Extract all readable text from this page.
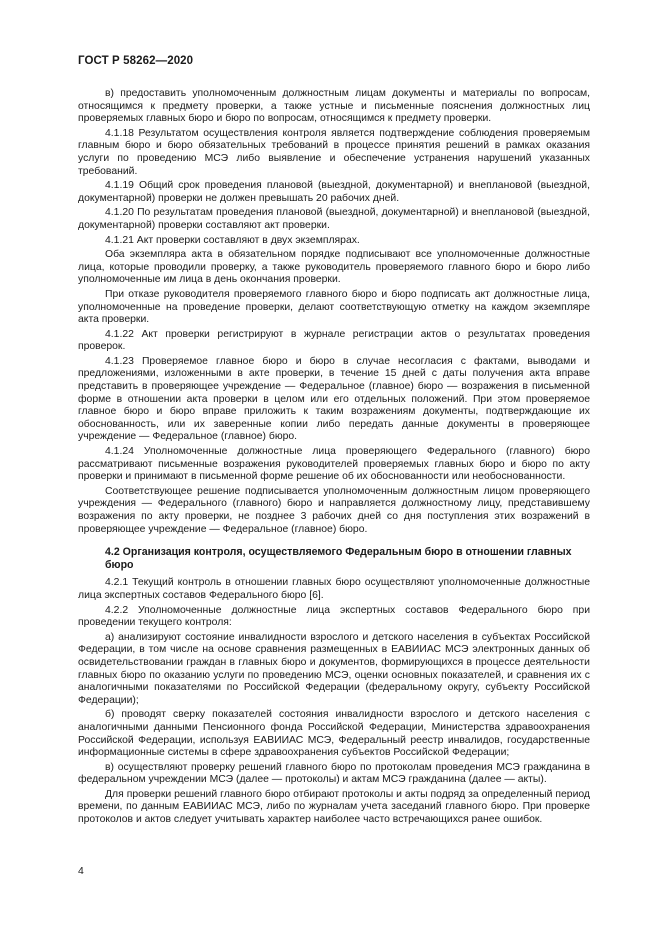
ГОСТ Р 58262—2020

в) предоставить уполномоченным должностным лицам документы и материалы по вопросам, относящимся к предмету проверки, а также устные и письменные пояснения должностных лиц проверяемых главных бюро и бюро по вопросам, относящимся к предмету проверки.

4.1.18 Результатом осуществления контроля является подтверждение соблюдения проверяемым главным бюро и бюро обязательных требований в процессе принятия решений в рамках оказания услуги по проведению МСЭ либо выявление и обеспечение устранения нарушений указанных требований.

4.1.19 Общий срок проведения плановой (выездной, документарной) и внеплановой (выездной, документарной) проверки не должен превышать 20 рабочих дней.

4.1.20 По результатам проведения плановой (выездной, документарной) и внеплановой (выездной, документарной) проверки составляют акт проверки.

4.1.21 Акт проверки составляют в двух экземплярах.

Оба экземпляра акта в обязательном порядке подписывают все уполномоченные должностные лица, которые проводили проверку, а также руководитель проверяемого главного бюро и бюро либо уполномоченные им лица в день окончания проверки.

При отказе руководителя проверяемого главного бюро и бюро подписать акт должностные лица, уполномоченные на проведение проверки, делают соответствующую отметку на каждом экземпляре акта проверки.

4.1.22 Акт проверки регистрируют в журнале регистрации актов о результатах проведения проверок.

4.1.23 Проверяемое главное бюро и бюро в случае несогласия с фактами, выводами и предложениями, изложенными в акте проверки, в течение 15 дней с даты получения акта вправе представить в проверяющее учреждение — Федеральное (главное) бюро — возражения в письменной форме в отношении акта проверки в целом или его отдельных положений. При этом проверяемое главное бюро и бюро вправе приложить к таким возражениям документы, подтверждающие их обоснованность, или их заверенные копии либо передать данные документы в проверяющее учреждение — Федеральное (главное) бюро.

4.1.24 Уполномоченные должностные лица проверяющего Федерального (главного) бюро рассматривают письменные возражения руководителей проверяемых главных бюро и бюро по акту проверки и принимают в письменной форме решение об их обоснованности или необоснованности.

Соответствующее решение подписывается уполномоченным должностным лицом проверяющего учреждения — Федерального (главного) бюро и направляется должностному лицу, представившему возражения по акту проверки, не позднее 3 рабочих дней со дня поступления этих возражений в проверяющее учреждение — Федеральное (главное) бюро.

4.2 Организация контроля, осуществляемого Федеральным бюро в отношении главных бюро

4.2.1 Текущий контроль в отношении главных бюро осуществляют уполномоченные должностные лица экспертных составов Федерального бюро [6].

4.2.2 Уполномоченные должностные лица экспертных составов Федерального бюро при проведении текущего контроля:

а) анализируют состояние инвалидности взрослого и детского населения в субъектах Российской Федерации, в том числе на основе сравнения размещенных в ЕАВИИАС МСЭ электронных данных об освидетельствовании граждан в главных бюро и документов, формирующихся в процессе деятельности главных бюро по оказанию услуги по проведению МСЭ, оценки основных показателей, и сравнения их с аналогичными показателями по Российской Федерации (федеральному округу, субъекту Российской Федерации);

б) проводят сверку показателей состояния инвалидности взрослого и детского населения с аналогичными данными Пенсионного фонда Российской Федерации, Министерства здравоохранения Российской Федерации, используя ЕАВИИАС МСЭ, Федеральный реестр инвалидов, государственные информационные системы в сфере здравоохранения субъектов Российской Федерации;

в) осуществляют проверку решений главного бюро по протоколам проведения МСЭ гражданина в федеральном учреждении МСЭ (далее — протоколы) и актам МСЭ гражданина (далее — акты).

Для проверки решений главного бюро отбирают протоколы и акты подряд за определенный период времени, по данным ЕАВИИАС МСЭ, либо по журналам учета заседаний главного бюро. При проверке протоколов и актов следует учитывать характер наиболее часто встречающихся ранее ошибок.

4
